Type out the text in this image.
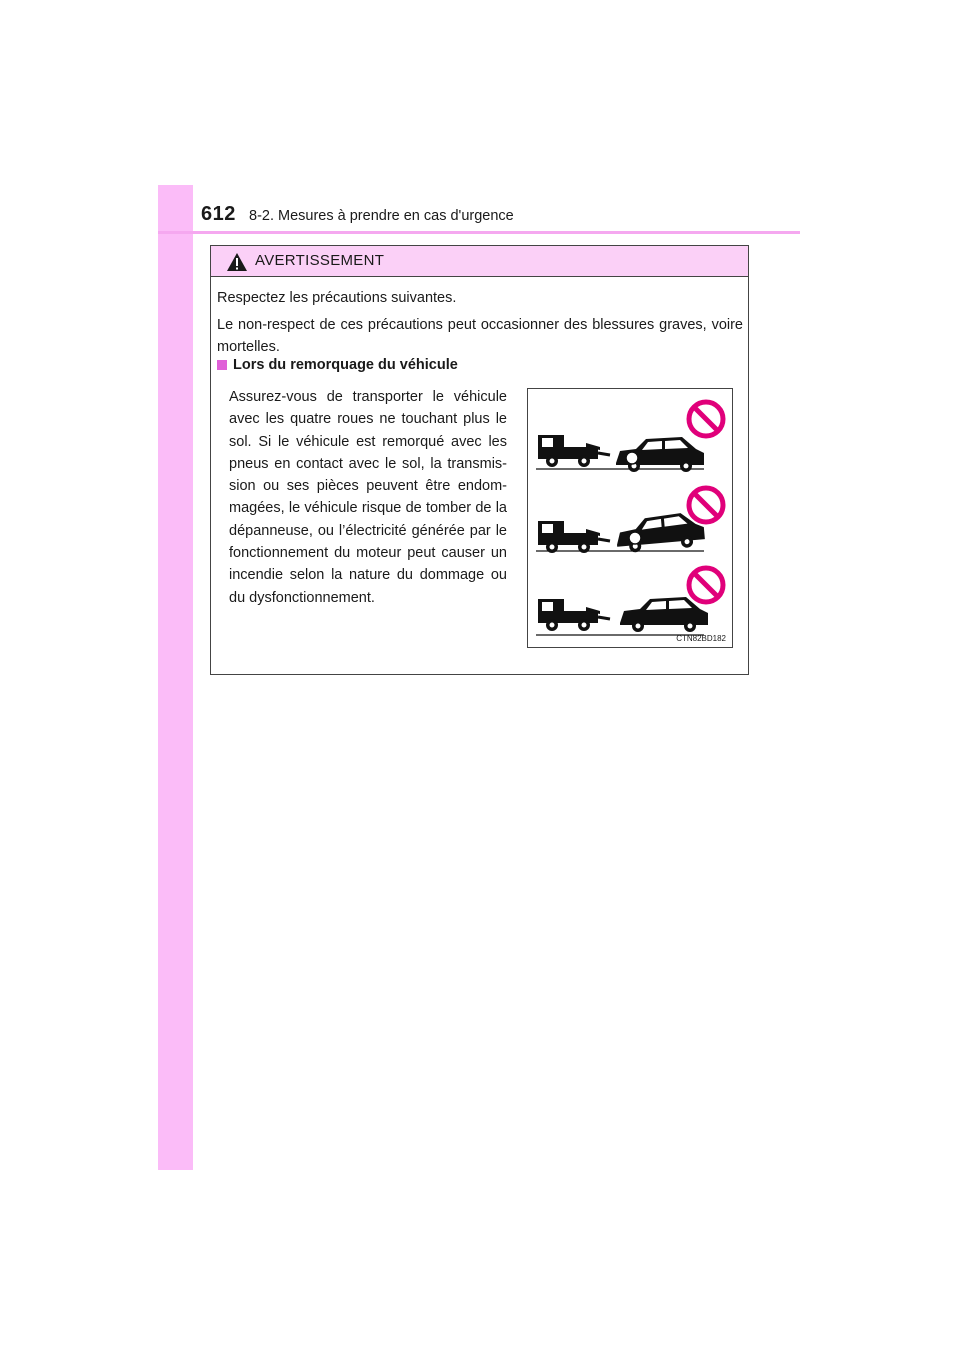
612 8-2. Mesures à prendre en cas d'urgence
AVERTISSEMENT
Respectez les précautions suivantes.
Le non-respect de ces précautions peut occasionner des blessures graves, voire mortelles.
Lors du remorquage du véhicule
Assurez-vous de transporter le véhicule avec les quatre roues ne touchant plus le sol. Si le véhicule est remorqué avec les pneus en contact avec le sol, la transmis-sion ou ses pièces peuvent être endom-magées, le véhicule risque de tomber de la dépanneuse, ou l’électricité générée par le fonctionnement du moteur peut causer un incendie selon la nature du dommage ou du dysfonctionnement.
CTN82BD182
